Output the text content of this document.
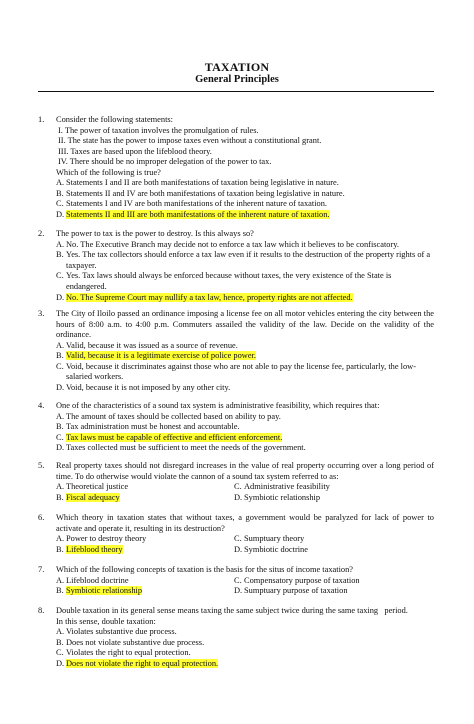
TAXATION
General Principles
1.	Consider the following statements:
I. The power of taxation involves the promulgation of rules.
II. The state has the power to impose taxes even without a constitutional grant.
III. Taxes are based upon the lifeblood theory.
IV. There should be no improper delegation of the power to tax.
Which of the following is true?
A. Statements I and II are both manifestations of taxation being legislative in nature.
B. Statements II and IV are both manifestations of taxation being legislative in nature.
C. Statements I and IV are both manifestations of the inherent nature of taxation.
D. Statements II and III are both manifestations of the inherent nature of taxation.
2.	The power to tax is the power to destroy. Is this always so?
A. No. The Executive Branch may decide not to enforce a tax law which it believes to be confiscatory.
B. Yes. The tax collectors should enforce a tax law even if it results to the destruction of the property rights of a taxpayer.
C. Yes. Tax laws should always be enforced because without taxes, the very existence of the State is endangered.
D. No. The Supreme Court may nullify a tax law, hence, property rights are not affected.
3.	The City of Iloilo passed an ordinance imposing a license fee on all motor vehicles entering the city between the hours of 8:00 a.m. to 4:00 p.m. Commuters assailed the validity of the law. Decide on the validity of the ordinance.
A. Valid, because it was issued as a source of revenue.
B. Valid, because it is a legitimate exercise of police power.
C. Void, because it discriminates against those who are not able to pay the license fee, particularly, the low-salaried workers.
D. Void, because it is not imposed by any other city.
4.	One of the characteristics of a sound tax system is administrative feasibility, which requires that:
A. The amount of taxes should be collected based on ability to pay.
B. Tax administration must be honest and accountable.
C. Tax laws must be capable of effective and efficient enforcement.
D. Taxes collected must be sufficient to meet the needs of the government.
5.	Real property taxes should not disregard increases in the value of real property occurring over a long period of time. To do otherwise would violate the cannon of a sound tax system referred to as:
A. Theoretical justice	C. Administrative feasibility
B. Fiscal adequacy	D. Symbiotic relationship
6.	Which theory in taxation states that without taxes, a government would be paralyzed for lack of power to activate and operate it, resulting in its destruction?
A. Power to destroy theory	C. Sumptuary theory
B. Lifeblood theory	D. Symbiotic doctrine
7.	Which of the following concepts of taxation is the basis for the situs of income taxation?
A. Lifeblood doctrine	C. Compensatory purpose of taxation
B. Symbiotic relationship	D. Sumptuary purpose of taxation
8.	Double taxation in its general sense means taxing the same subject twice during the same taxing   period.
In this sense, double taxation:
A. Violates substantive due process.
B. Does not violate substantive due process.
C. Violates the right to equal protection.
D. Does not violate the right to equal protection.
